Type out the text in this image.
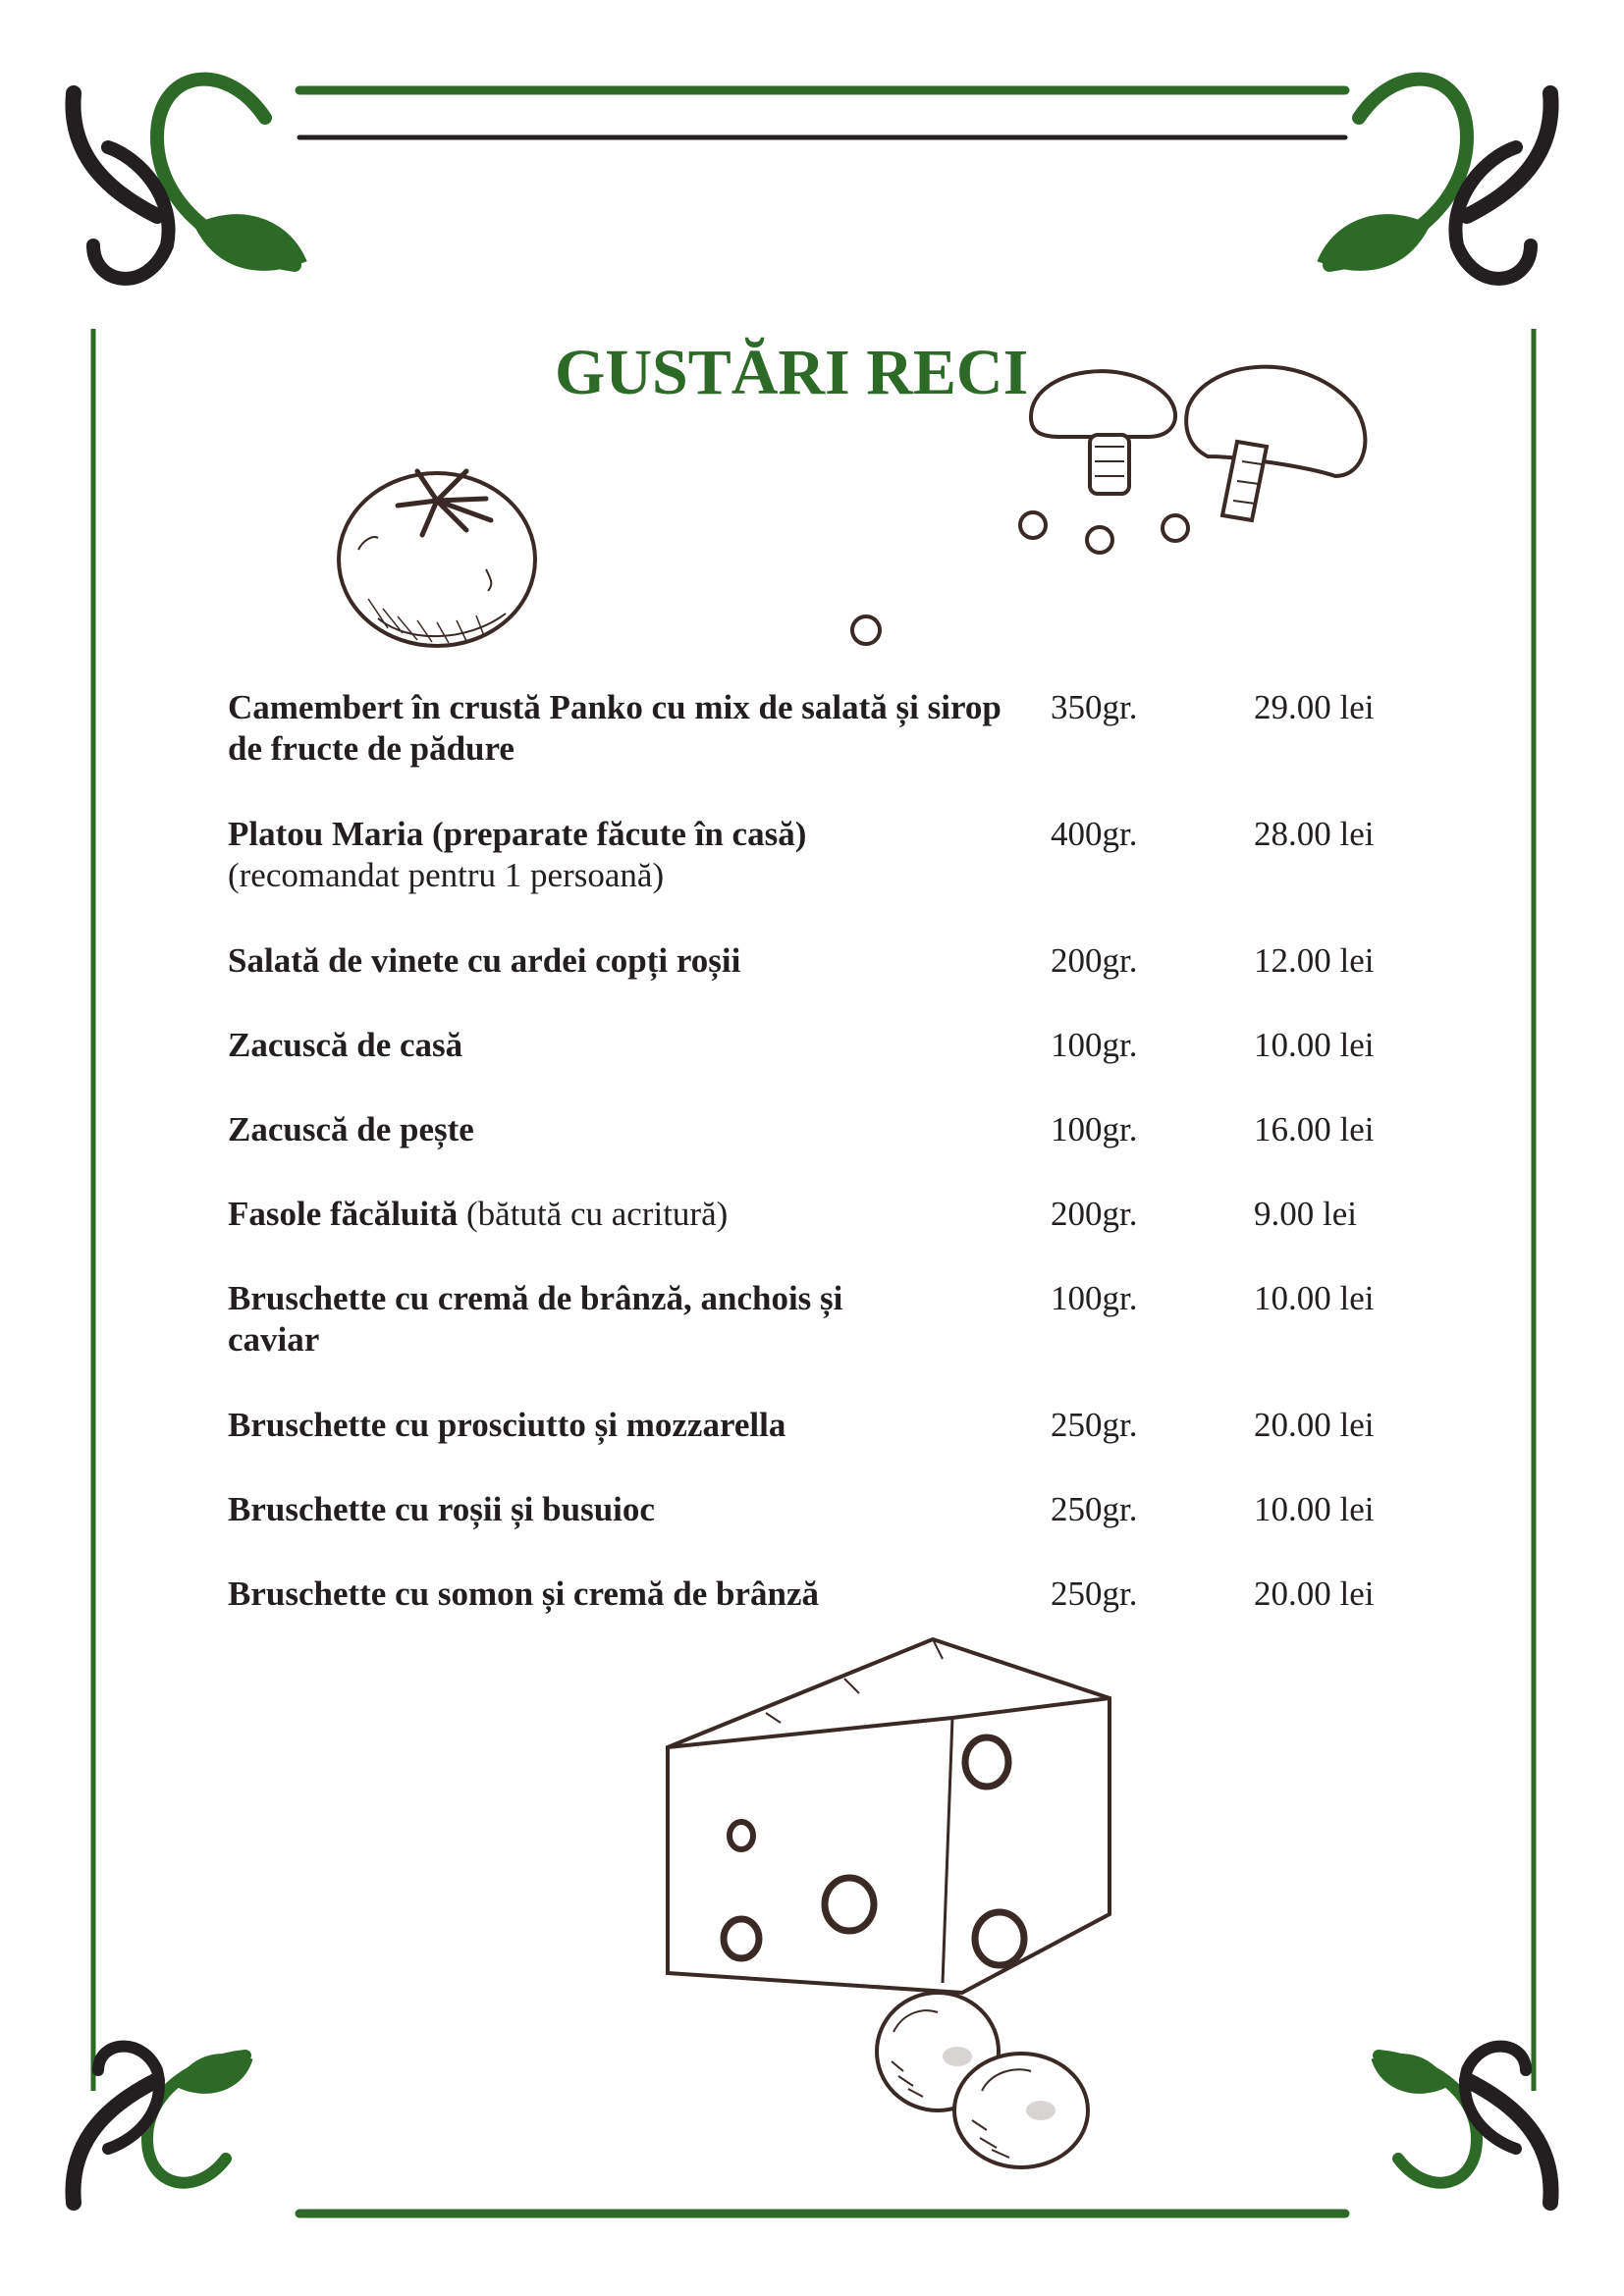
GUSTĂRI RECI
Camembert în crustă Panko cu mix de salată și sirop de fructe de pădure
350gr.	29.00 lei
Platou Maria (preparate făcute în casă)
(recomandat pentru 1 persoană)
400gr.	28.00 lei
Salată de vinete cu ardei copți roșii	200gr.	12.00 lei
Zacuscă de casă	100gr.	10.00 lei
Zacuscă de pește	100gr.	16.00 lei
Fasole făcăluită (bătută cu acritură)	200gr.	9.00 lei
Bruschette cu cremă de brânză, anchois și caviar
100gr.	10.00 lei
Bruschette cu prosciutto și mozzarella	250gr.	20.00 lei
Bruschette cu roșii și busuioc	250gr.	10.00 lei
Bruschette cu somon și cremă de brânză	250gr.	20.00 lei
